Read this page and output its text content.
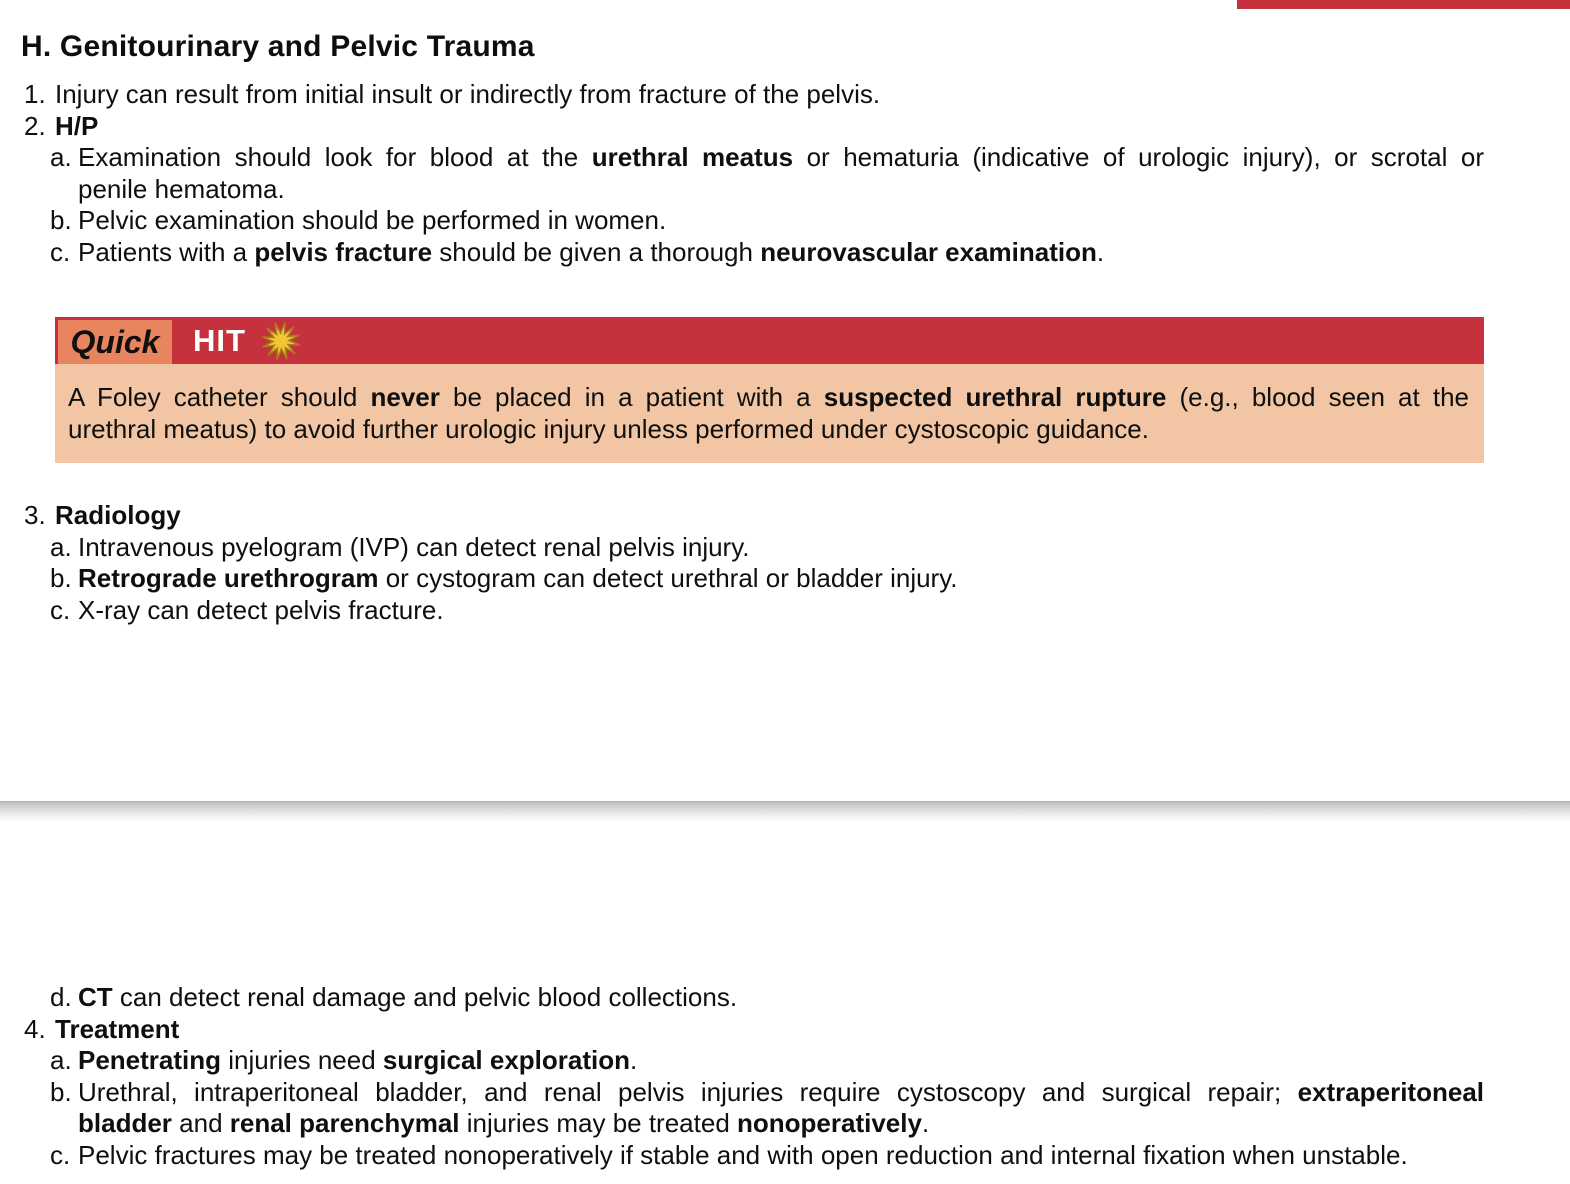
H. Genitourinary and Pelvic Trauma
1. Injury can result from initial insult or indirectly from fracture of the pelvis.
2. H/P
a. Examination should look for blood at the urethral meatus or hematuria (indicative of urologic injury), or scrotal or
penile hematoma.
b. Pelvic examination should be performed in women.
c. Patients with a pelvis fracture should be given a thorough neurovascular examination.
Quick	HIT
A Foley catheter should never be placed in a patient with a suspected urethral rupture (e.g., blood seen at the
urethral meatus) to avoid further urologic injury unless performed under cystoscopic guidance.
3. Radiology
a. Intravenous pyelogram (IVP) can detect renal pelvis injury.
b. Retrograde urethrogram or cystogram can detect urethral or bladder injury.
c. X-ray can detect pelvis fracture.
d. CT can detect renal damage and pelvic blood collections.
4. Treatment
a. Penetrating injuries need surgical exploration.
b. Urethral, intraperitoneal bladder, and renal pelvis injuries require cystoscopy and surgical repair; extraperitoneal
bladder and renal parenchymal injuries may be treated nonoperatively.
c. Pelvic fractures may be treated nonoperatively if stable and with open reduction and internal fixation when unstable.
